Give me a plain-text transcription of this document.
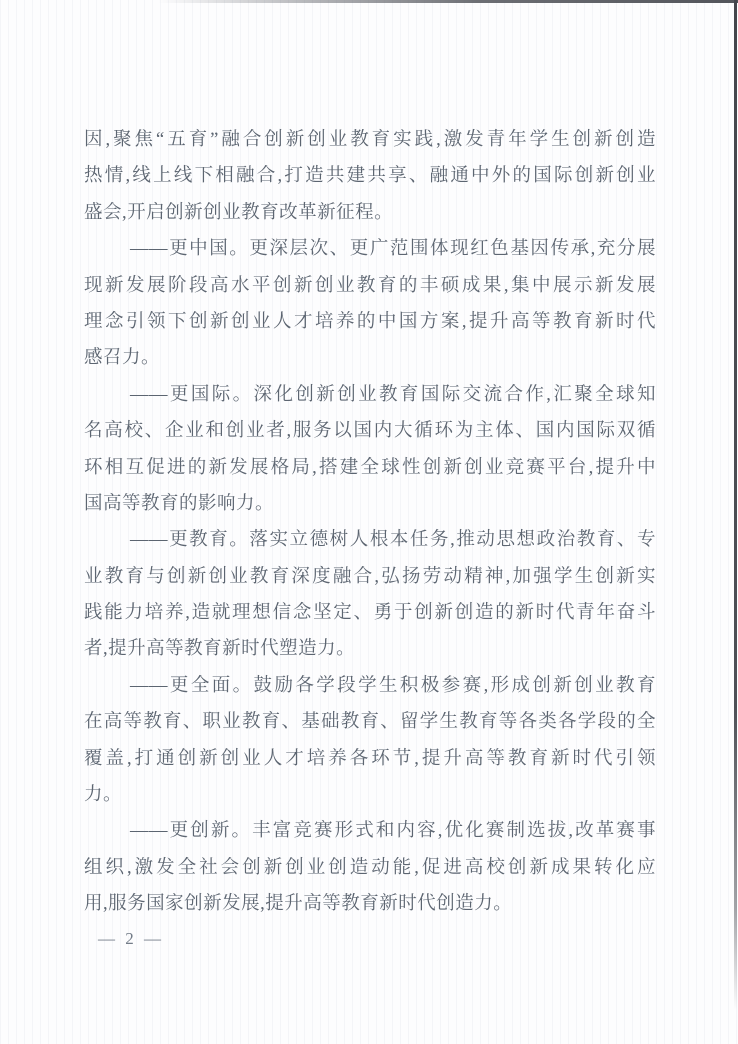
因,聚焦“五育”融合创新创业教育实践,激发青年学生创新创造
热情,线上线下相融合,打造共建共享、融通中外的国际创新创业
盛会,开启创新创业教育改革新征程。
——更中国。更深层次、更广范围体现红色基因传承,充分展
现新发展阶段高水平创新创业教育的丰硕成果,集中展示新发展
理念引领下创新创业人才培养的中国方案,提升高等教育新时代
感召力。
——更国际。深化创新创业教育国际交流合作,汇聚全球知
名高校、企业和创业者,服务以国内大循环为主体、国内国际双循
环相互促进的新发展格局,搭建全球性创新创业竞赛平台,提升中
国高等教育的影响力。
——更教育。落实立德树人根本任务,推动思想政治教育、专
业教育与创新创业教育深度融合,弘扬劳动精神,加强学生创新实
践能力培养,造就理想信念坚定、勇于创新创造的新时代青年奋斗
者,提升高等教育新时代塑造力。
——更全面。鼓励各学段学生积极参赛,形成创新创业教育
在高等教育、职业教育、基础教育、留学生教育等各类各学段的全
覆盖,打通创新创业人才培养各环节,提升高等教育新时代引领
力。
——更创新。丰富竞赛形式和内容,优化赛制选拔,改革赛事
组织,激发全社会创新创业创造动能,促进高校创新成果转化应
用,服务国家创新发展,提升高等教育新时代创造力。
— 2 —
